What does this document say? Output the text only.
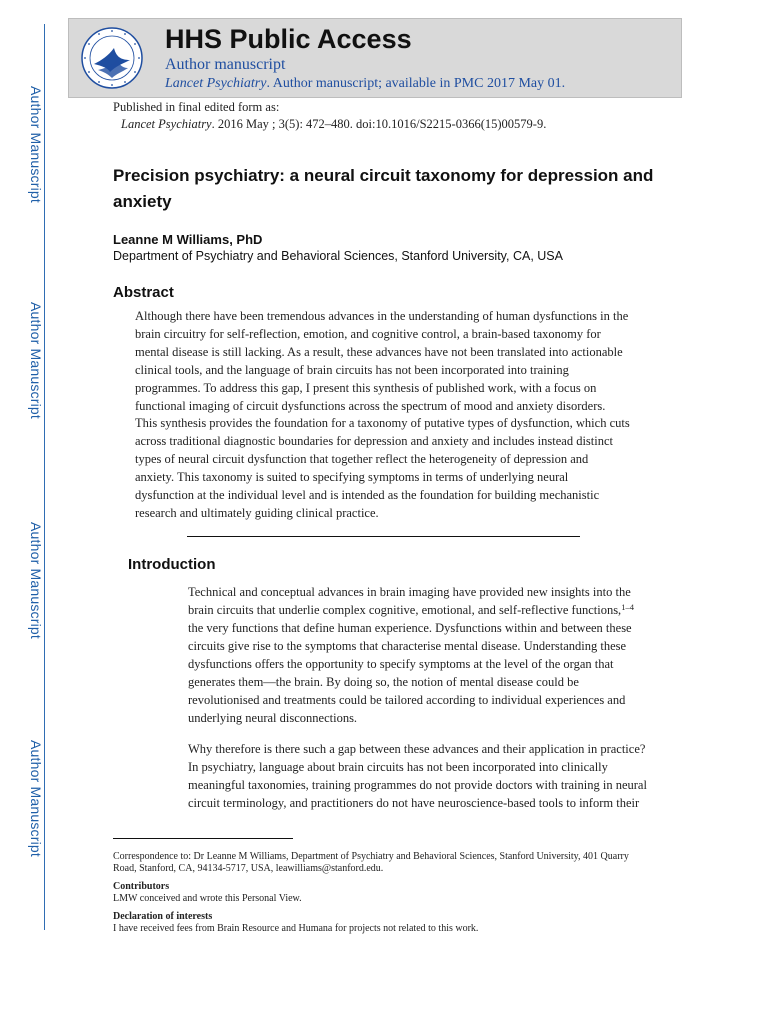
Author Manuscript
Author Manuscript
Author Manuscript
Author Manuscript
HHS Public Access
Author manuscript
Lancet Psychiatry. Author manuscript; available in PMC 2017 May 01.
Published in final edited form as:
Lancet Psychiatry. 2016 May ; 3(5): 472–480. doi:10.1016/S2215-0366(15)00579-9.
Precision psychiatry: a neural circuit taxonomy for depression and anxiety
Leanne M Williams, PhD
Department of Psychiatry and Behavioral Sciences, Stanford University, CA, USA
Abstract
Although there have been tremendous advances in the understanding of human dysfunctions in the
brain circuitry for self-reflection, emotion, and cognitive control, a brain-based taxonomy for
mental disease is still lacking. As a result, these advances have not been translated into actionable
clinical tools, and the language of brain circuits has not been incorporated into training
programmes. To address this gap, I present this synthesis of published work, with a focus on
functional imaging of circuit dysfunctions across the spectrum of mood and anxiety disorders.
This synthesis provides the foundation for a taxonomy of putative types of dysfunction, which cuts
across traditional diagnostic boundaries for depression and anxiety and includes instead distinct
types of neural circuit dysfunction that together reflect the heterogeneity of depression and
anxiety. This taxonomy is suited to specifying symptoms in terms of underlying neural
dysfunction at the individual level and is intended as the foundation for building mechanistic
research and ultimately guiding clinical practice.
Introduction
Technical and conceptual advances in brain imaging have provided new insights into the
brain circuits that underlie complex cognitive, emotional, and self-reflective functions,$^{1-4}$
the very functions that define human experience. Dysfunctions within and between these
circuits give rise to the symptoms that characterise mental disease. Understanding these
dysfunctions offers the opportunity to specify symptoms at the level of the organ that
generates them—the brain. By doing so, the notion of mental disease could be
revolutionised and treatments could be tailored according to individual experiences and
underlying neural disconnections.
Why therefore is there such a gap between these advances and their application in practice?
In psychiatry, language about brain circuits has not been incorporated into clinically
meaningful taxonomies, training programmes do not provide doctors with training in neural
circuit terminology, and practitioners do not have neuroscience-based tools to inform their
Correspondence to: Dr Leanne M Williams, Department of Psychiatry and Behavioral Sciences, Stanford University, 401 Quarry
Road, Stanford, CA, 94134-5717, USA, leawilliams@stanford.edu.
Contributors
LMW conceived and wrote this Personal View.
Declaration of interests
I have received fees from Brain Resource and Humana for projects not related to this work.
